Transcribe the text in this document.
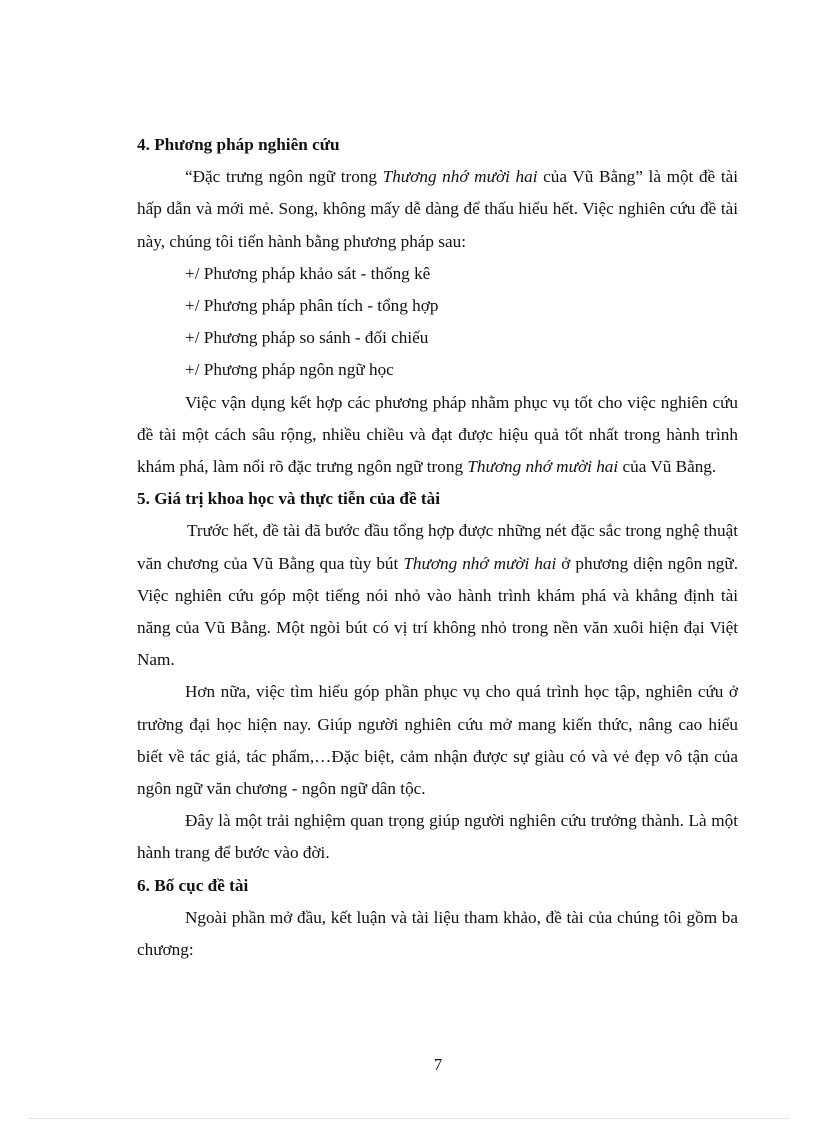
4. Phương pháp nghiên cứu

“Đặc trưng ngôn ngữ trong Thương nhớ mười hai của Vũ Bằng” là một đề tài hấp dẫn và mới mẻ. Song, không mấy dễ dàng để thấu hiểu hết. Việc nghiên cứu đề tài này, chúng tôi tiến hành bằng phương pháp sau:

+/ Phương pháp khảo sát - thống kê

+/ Phương pháp phân tích - tổng hợp

+/ Phương pháp so sánh - đối chiếu

+/ Phương pháp ngôn ngữ học

Việc vận dụng kết hợp các phương pháp nhằm phục vụ tốt cho việc nghiên cứu đề tài một cách sâu rộng, nhiều chiều và đạt được hiệu quả tốt nhất trong hành trình khám phá, làm nổi rõ đặc trưng ngôn ngữ trong Thương nhớ mười hai của Vũ Bằng.

5. Giá trị khoa học và thực tiễn của đề tài

Trước hết, đề tài đã bước đầu tổng hợp được những nét đặc sắc trong nghệ thuật văn chương của Vũ Bằng qua tùy bút Thương nhớ mười hai ở phương diện ngôn ngữ. Việc nghiên cứu góp một tiếng nói nhỏ vào hành trình khám phá và khẳng định tài năng của Vũ Bằng. Một ngòi bút có vị trí không nhỏ trong nền văn xuôi hiện đại Việt Nam.

Hơn nữa, việc tìm hiểu góp phần phục vụ cho quá trình học tập, nghiên cứu ở trường đại học hiện nay. Giúp người nghiên cứu mở mang kiến thức, nâng cao hiểu biết về tác giả, tác phẩm,…Đặc biệt, cảm nhận được sự giàu có và vẻ đẹp vô tận của ngôn ngữ văn chương - ngôn ngữ dân tộc.

Đây là một trải nghiệm quan trọng giúp người nghiên cứu trưởng thành. Là một hành trang để bước vào đời.

6. Bố cục đề tài

Ngoài phần mở đầu, kết luận và tài liệu tham khảo, đề tài của chúng tôi gồm ba chương:

7
